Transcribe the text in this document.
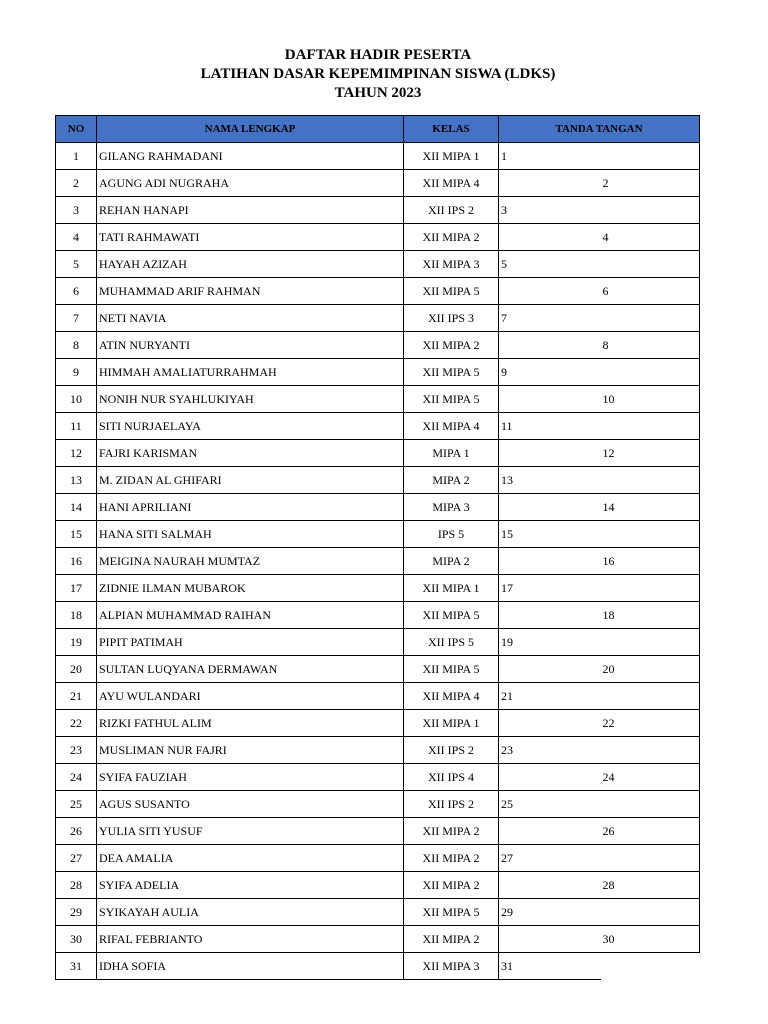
DAFTAR HADIR PESERTA
LATIHAN DASAR KEPEMIMPINAN SISWA (LDKS)
TAHUN 2023
NO	NAMA LENGKAP	KELAS	TANDA TANGAN	
1	GILANG RAHMADANI	XII MIPA 1	1	
2	AGUNG ADI NUGRAHA	XII MIPA 4		2
3	REHAN HANAPI	XII IPS 2	3	
4	TATI RAHMAWATI	XII MIPA 2		4
5	HAYAH AZIZAH	XII MIPA 3	5	
6	MUHAMMAD ARIF RAHMAN	XII MIPA 5		6
7	NETI NAVIA	XII IPS 3	7	
8	ATIN NURYANTI	XII MIPA 2		8
9	HIMMAH AMALIATURRAHMAH	XII MIPA 5	9	
10	NONIH NUR SYAHLUKIYAH	XII MIPA 5		10
11	SITI NURJAELAYA	XII MIPA 4	11	
12	FAJRI KARISMAN	MIPA 1		12
13	M. ZIDAN AL GHIFARI	MIPA 2	13	
14	HANI APRILIANI	MIPA 3		14
15	HANA SITI SALMAH	IPS 5	15	
16	MEIGINA NAURAH MUMTAZ	MIPA 2		16
17	ZIDNIE ILMAN MUBAROK	XII MIPA 1	17	
18	ALPIAN MUHAMMAD RAIHAN	XII MIPA 5		18
19	PIPIT PATIMAH	XII IPS 5	19	
20	SULTAN LUQYANA DERMAWAN	XII MIPA 5		20
21	AYU WULANDARI	XII MIPA 4	21	
22	RIZKI FATHUL ALIM	XII MIPA 1		22
23	MUSLIMAN NUR FAJRI	XII IPS 2	23	
24	SYIFA FAUZIAH	XII IPS 4		24
25	AGUS SUSANTO	XII IPS 2	25	
26	YULIA SITI YUSUF	XII MIPA 2		26
27	DEA AMALIA	XII MIPA 2	27	
28	SYIFA ADELIA	XII MIPA 2		28
29	SYIKAYAH AULIA	XII MIPA 5	29	
30	RIFAL FEBRIANTO	XII MIPA 2		30
31	IDHA SOFIA	XII MIPA 3	31	
